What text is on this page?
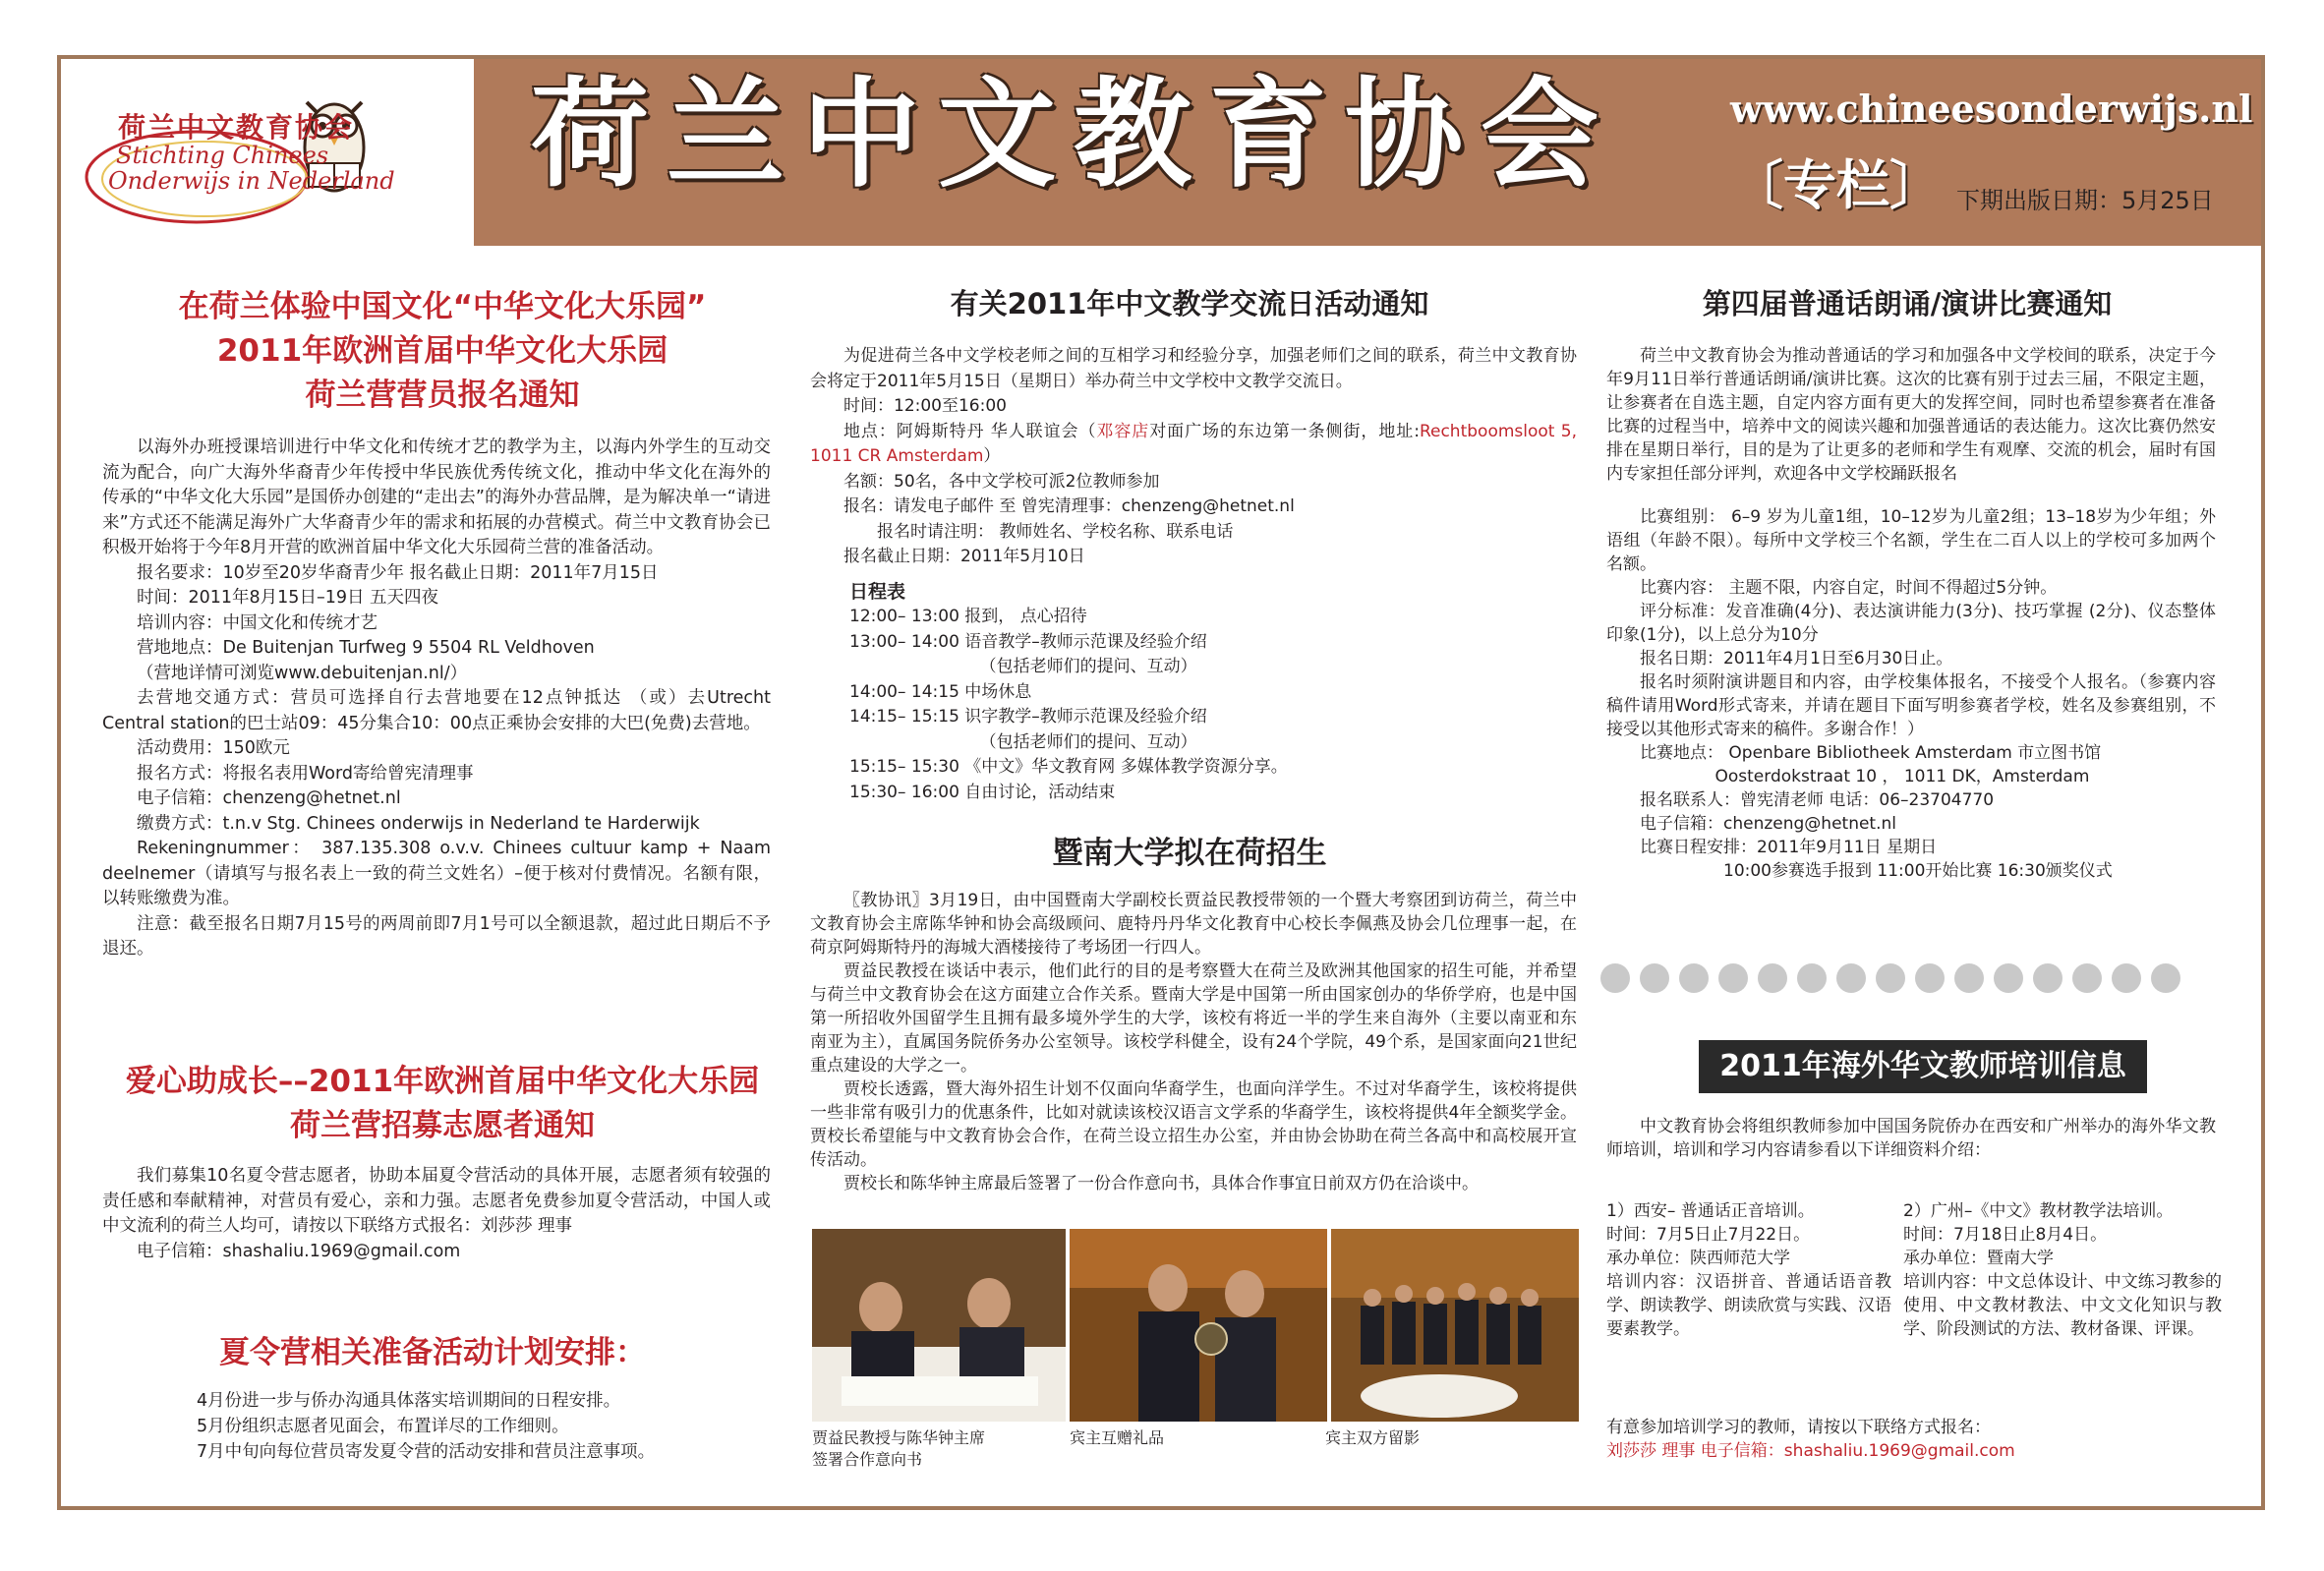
荷兰中文教育协会
Stichting Chinees
Onderwijs in Nederland 荷兰中文教育协会	www.chineesonderwijs.nl
〔专栏〕 下期出版日期：5月25日
在荷兰体验中国文化“中华文化大乐园”
2011年欧洲首届中华文化大乐园
荷兰营营员报名通知

以海外办班授课培训进行中华文化和传统才艺的教学为主，以海内外学生的互动交流为配合，向广大海外华裔青少年传授中华民族优秀传统文化，推动中华文化在海外的传承的“中华文化大乐园”是国侨办创建的“走出去”的海外办营品牌，是为解决单一“请进来”方式还不能满足海外广大华裔青少年的需求和拓展的办营模式。荷兰中文教育协会已积极开始将于今年8月开营的欧洲首届中华文化大乐园荷兰营的准备活动。

报名要求：10岁至20岁华裔青少年 报名截止日期：2011年7月15日

时间：2011年8月15日–19日 五天四夜

培训内容：中国文化和传统才艺

营地地点：De Buitenjan Turfweg 9 5504 RL Veldhoven

（营地详情可浏览www.debuitenjan.nl/）

去营地交通方式：营员可选择自行去营地要在12点钟抵达 （或）去Utrecht Central station的巴士站09：45分集合10：00点正乘协会安排的大巴(免费)去营地。

活动费用：150欧元

报名方式：将报名表用Word寄给曾宪清理事

电子信箱：chenzeng@hetnet.nl

缴费方式：t.n.v Stg. Chinees onderwijs in Nederland te Harderwijk

Rekeningnummer： 387.135.308 o.v.v. Chinees cultuur kamp + Naam deelnemer（请填写与报名表上一致的荷兰文姓名）–便于核对付费情况。名额有限，以转账缴费为准。

注意：截至报名日期7月15号的两周前即7月1号可以全额退款，超过此日期后不予退还。

爱心助成长––2011年欧洲首届中华文化大乐园
荷兰营招募志愿者通知

我们募集10名夏令营志愿者，协助本届夏令营活动的具体开展，志愿者须有较强的责任感和奉献精神，对营员有爱心，亲和力强。志愿者免费参加夏令营活动，中国人或中文流利的荷兰人均可，请按以下联络方式报名：刘莎莎 理事

电子信箱：shashaliu.1969@gmail.com

夏令营相关准备活动计划安排：

4月份进一步与侨办沟通具体落实培训期间的日程安排。

5月份组织志愿者见面会，布置详尽的工作细则。

7月中旬向每位营员寄发夏令营的活动安排和营员注意事项。

有关2011年中文教学交流日活动通知

为促进荷兰各中文学校老师之间的互相学习和经验分享，加强老师们之间的联系，荷兰中文教育协会将定于2011年5月15日（星期日）举办荷兰中文学校中文教学交流日。

时间：12:00至16:00

地点：阿姆斯特丹 华人联谊会（邓容店对面广场的东边第一条侧街，地址:Rechtboomsloot 5, 1011 CR Amsterdam）

名额：50名，各中文学校可派2位教师参加

报名：请发电子邮件 至 曾宪清理事：chenzeng@hetnet.nl

报名时请注明： 教师姓名、学校名称、联系电话

报名截止日期：2011年5月10日

日程表

12:00– 13:00 报到， 点心招待

13:00– 14:00 语音教学–教师示范课及经验介绍

（包括老师们的提问、互动）

14:00– 14:15 中场休息

14:15– 15:15 识字教学–教师示范课及经验介绍

（包括老师们的提问、互动）

15:15– 15:30 《中文》华文教育网 多媒体教学资源分享。

15:30– 16:00 自由讨论，活动结束

暨南大学拟在荷招生

〖教协讯〗3月19日，由中国暨南大学副校长贾益民教授带领的一个暨大考察团到访荷兰，荷兰中文教育协会主席陈华钟和协会高级顾问、鹿特丹丹华文化教育中心校长李佩燕及协会几位理事一起，在荷京阿姆斯特丹的海城大酒楼接待了考场团一行四人。

贾益民教授在谈话中表示，他们此行的目的是考察暨大在荷兰及欧洲其他国家的招生可能，并希望与荷兰中文教育协会在这方面建立合作关系。暨南大学是中国第一所由国家创办的华侨学府，也是中国第一所招收外国留学生且拥有最多境外学生的大学，该校有将近一半的学生来自海外（主要以南亚和东南亚为主），直属国务院侨务办公室领导。该校学科健全，设有24个学院，49个系，是国家面向21世纪重点建设的大学之一。

贾校长透露，暨大海外招生计划不仅面向华裔学生，也面向洋学生。不过对华裔学生，该校将提供一些非常有吸引力的优惠条件，比如对就读该校汉语言文学系的华裔学生，该校将提供4年全额奖学金。贾校长希望能与中文教育协会合作，在荷兰设立招生办公室，并由协会协助在荷兰各高中和高校展开宣传活动。

贾校长和陈华钟主席最后签署了一份合作意向书，具体合作事宜日前双方仍在洽谈中。

贾益民教授与陈华钟主席
签署合作意向书
宾主互赠礼品	宾主双方留影
第四届普通话朗诵/演讲比赛通知

荷兰中文教育协会为推动普通话的学习和加强各中文学校间的联系，决定于今年9月11日举行普通话朗诵/演讲比赛。这次的比赛有别于过去三届，不限定主题，让参赛者在自选主题，自定内容方面有更大的发挥空间，同时也希望参赛者在准备比赛的过程当中，培养中文的阅读兴趣和加强普通话的表达能力。这次比赛仍然安排在星期日举行，目的是为了让更多的老师和学生有观摩、交流的机会，届时有国内专家担任部分评判，欢迎各中文学校踊跃报名

比赛组别： 6–9 岁为儿童1组，10–12岁为儿童2组；13–18岁为少年组；外语组（年龄不限）。每所中文学校三个名额，学生在二百人以上的学校可多加两个名额。

比赛内容： 主题不限，内容自定，时间不得超过5分钟。

评分标准：发音准确(4分)、表达演讲能力(3分)、技巧掌握 (2分)、仪态整体印象(1分)，以上总分为10分

报名日期：2011年4月1日至6月30日止。

报名时须附演讲题目和内容，由学校集体报名，不接受个人报名。（参赛内容稿件请用Word形式寄来，并请在题目下面写明参赛者学校，姓名及参赛组别，不接受以其他形式寄来的稿件。多谢合作！）

比赛地点： Openbare Bibliotheek Amsterdam 市立图书馆

Oosterdokstraat 10 ， 1011 DK，Amsterdam

报名联系人：曾宪清老师 电话：06–23704770

电子信箱：chenzeng@hetnet.nl

比赛日程安排：2011年9月11日 星期日

10:00参赛选手报到 11:00开始比赛 16:30颁奖仪式

2011年海外华文教师培训信息
中文教育协会将组织教师参加中国国务院侨办在西安和广州举办的海外华文教师培训，培训和学习内容请参看以下详细资料介绍：

1）西安– 普通话正音培训。

时间：7月5日止7月22日。

承办单位：陕西师范大学

培训内容：汉语拼音、普通话语音教学、朗读教学、朗读欣赏与实践、汉语要素教学。

2）广州–《中文》教材教学法培训。

时间：7月18日止8月4日。

承办单位：暨南大学

培训内容：中文总体设计、中文练习教参的使用、中文教材教法、中文文化知识与教学、阶段测试的方法、教材备课、评课。

有意参加培训学习的教师，请按以下联络方式报名：

刘莎莎 理事 电子信箱：shashaliu.1969@gmail.com
